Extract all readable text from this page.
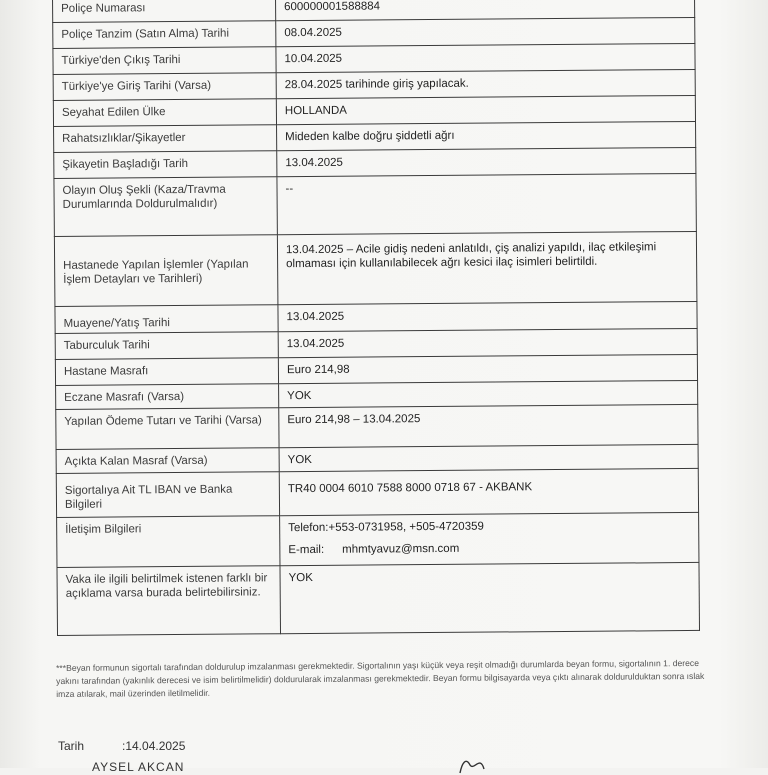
Poliçe Numarası	600000001588884
Poliçe Tanzim (Satın Alma) Tarihi	08.04.2025
Türkiye'den Çıkış Tarihi	10.04.2025
Türkiye'ye Giriş Tarihi (Varsa)	28.04.2025 tarihinde giriş yapılacak.
Seyahat Edilen Ülke	HOLLANDA
Rahatsızlıklar/Şikayetler	Mideden kalbe doğru şiddetli ağrı
Şikayetin Başladığı Tarih	13.04.2025
Olayın Oluş Şekli (Kaza/Travma Durumlarında Doldurulmalıdır)	--
Hastanede Yapılan İşlemler (Yapılan İşlem Detayları ve Tarihleri)	13.04.2025 – Acile gidiş nedeni anlatıldı, çiş analizi yapıldı, ilaç etkileşimi olmaması için kullanılabilecek ağrı kesici ilaç isimleri belirtildi.
Muayene/Yatış Tarihi	13.04.2025
Taburculuk Tarihi	13.04.2025
Hastane Masrafı	Euro 214,98
Eczane Masrafı (Varsa)	YOK
Yapılan Ödeme Tutarı ve Tarihi (Varsa)	Euro 214,98 – 13.04.2025
Açıkta Kalan Masraf (Varsa)	YOK
Sigortalıya Ait TL IBAN ve Banka Bilgileri	TR40 0004 6010 7588 8000 0718 67 - AKBANK
İletişim Bilgileri	Telefon:+553-0731958, +505-4720359
E-mail: mhmtyavuz@msn.com

Vaka ile ilgili belirtilmek istenen farklı bir açıklama varsa burada belirtebilirsiniz.	YOK
***Beyan formunun sigortalı tarafından doldurulup imzalanması gerekmektedir. Sigortalının yaşı küçük veya reşit olmadığı durumlarda beyan formu, sigortalının 1. derece yakını tarafından (yakınlık derecesi ve isim belirtilmelidir) doldurularak imzalanması gerekmektedir. Beyan formu bilgisayarda veya çıktı alınarak doldurulduktan sonra ıslak imza atılarak, mail üzerinden iletilmelidir.
Tarih	:14.04.2025
AYSEL AKCAN
